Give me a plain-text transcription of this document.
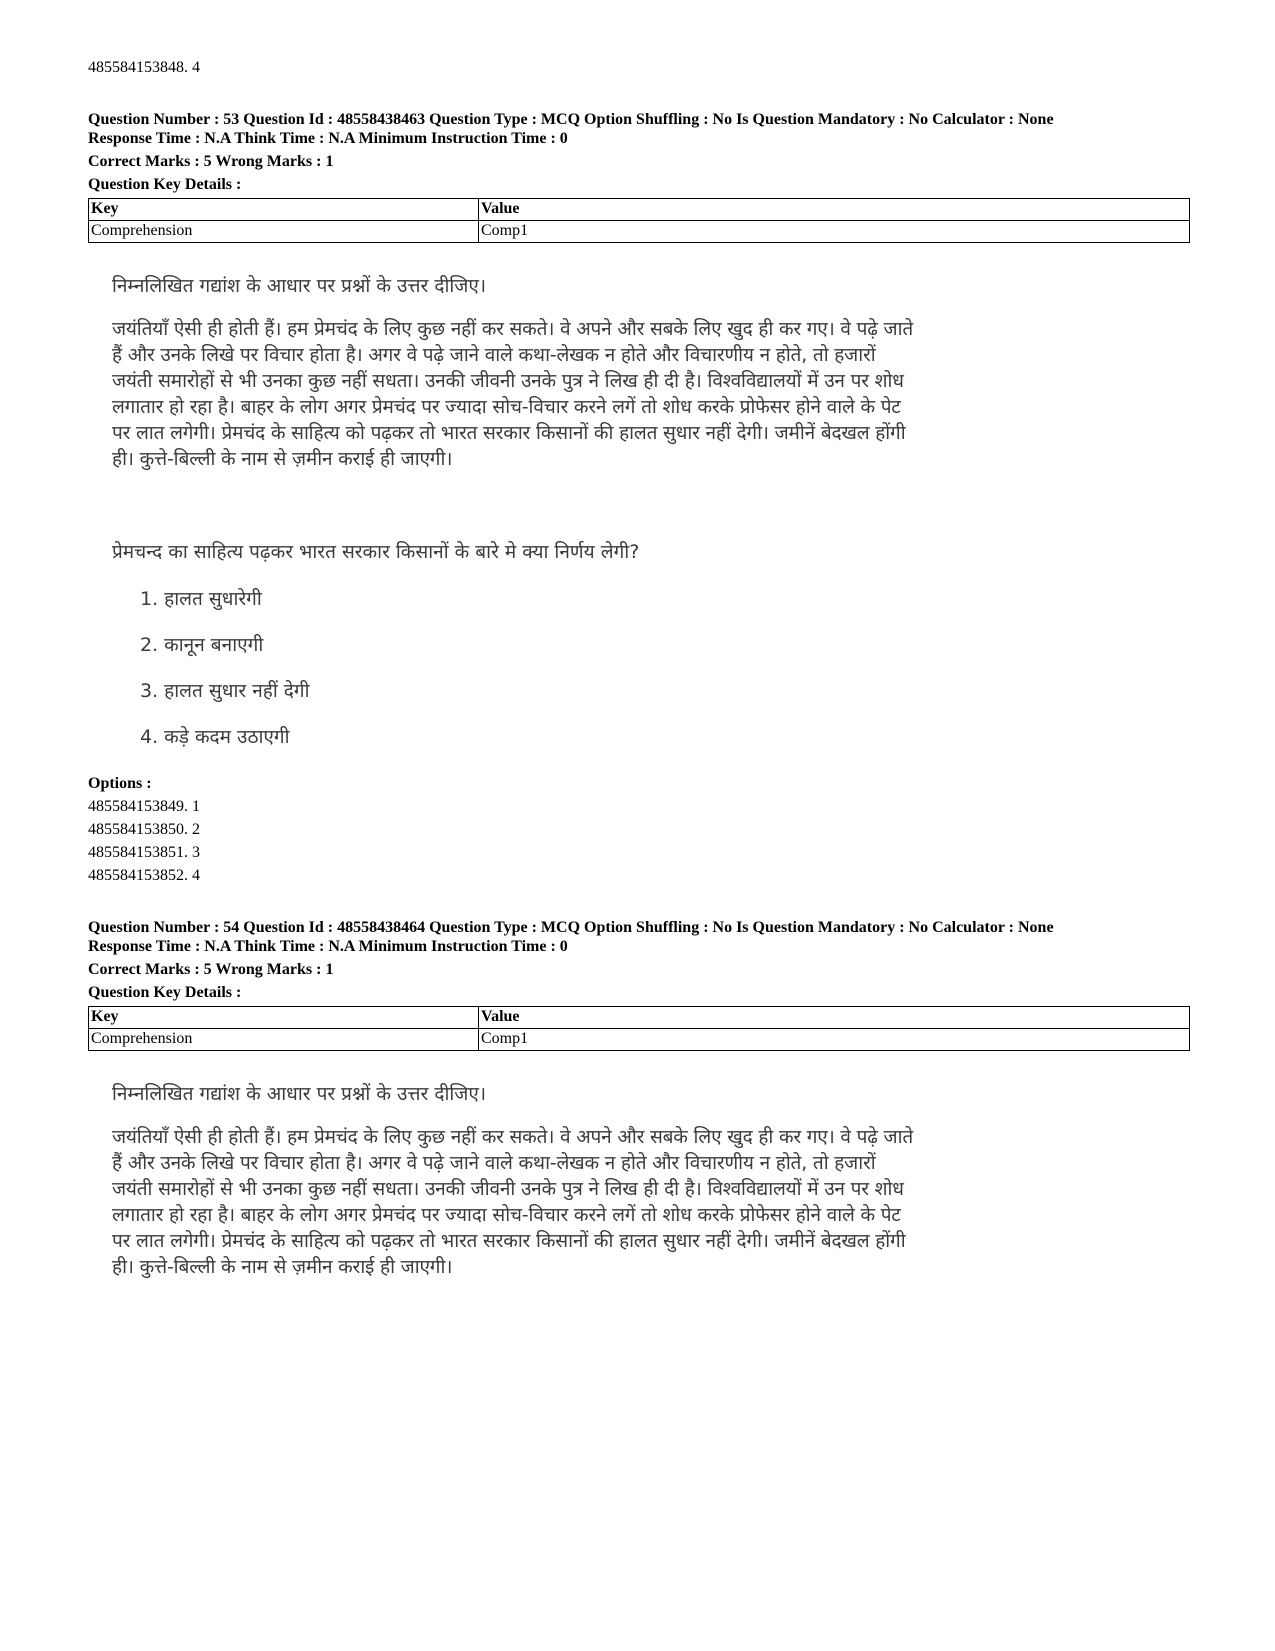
485584153848. 4
Question Number : 53 Question Id : 48558438463 Question Type : MCQ Option Shuffling : No Is Question Mandatory : No Calculator : None
Response Time : N.A Think Time : N.A Minimum Instruction Time : 0
Correct Marks : 5 Wrong Marks : 1
Question Key Details :
Key	Value
Comprehension	Comp1
निम्नलिखित गद्यांश के आधार पर प्रश्नों के उत्तर दीजिए।
जयंतियाँ ऐसी ही होती हैं। हम प्रेमचंद के लिए कुछ नहीं कर सकते। वे अपने और सबके लिए खुद ही कर गए। वे पढ़े जाते
हैं और उनके लिखे पर विचार होता है। अगर वे पढ़े जाने वाले कथा-लेखक न होते और विचारणीय न होते, तो हजारों
जयंती समारोहों से भी उनका कुछ नहीं सधता। उनकी जीवनी उनके पुत्र ने लिख ही दी है। विश्वविद्यालयों में उन पर शोध
लगातार हो रहा है। बाहर के लोग अगर प्रेमचंद पर ज्यादा सोच-विचार करने लगें तो शोध करके प्रोफेसर होने वाले के पेट
पर लात लगेगी। प्रेमचंद के साहित्य को पढ़कर तो भारत सरकार किसानों की हालत सुधार नहीं देगी। जमीनें बेदखल होंगी
ही। कुत्ते-बिल्ली के नाम से ज़मीन कराई ही जाएगी।
प्रेमचन्द का साहित्य पढ़कर भारत सरकार किसानों के बारे मे क्या निर्णय लेगी?
1. हालत सुधारेगी
2. कानून बनाएगी
3. हालत सुधार नहीं देगी
4. कड़े कदम उठाएगी
Options :
485584153849. 1
485584153850. 2
485584153851. 3
485584153852. 4
Question Number : 54 Question Id : 48558438464 Question Type : MCQ Option Shuffling : No Is Question Mandatory : No Calculator : None
Response Time : N.A Think Time : N.A Minimum Instruction Time : 0
Correct Marks : 5 Wrong Marks : 1
Question Key Details :
Key	Value
Comprehension	Comp1
निम्नलिखित गद्यांश के आधार पर प्रश्नों के उत्तर दीजिए।
जयंतियाँ ऐसी ही होती हैं। हम प्रेमचंद के लिए कुछ नहीं कर सकते। वे अपने और सबके लिए खुद ही कर गए। वे पढ़े जाते
हैं और उनके लिखे पर विचार होता है। अगर वे पढ़े जाने वाले कथा-लेखक न होते और विचारणीय न होते, तो हजारों
जयंती समारोहों से भी उनका कुछ नहीं सधता। उनकी जीवनी उनके पुत्र ने लिख ही दी है। विश्वविद्यालयों में उन पर शोध
लगातार हो रहा है। बाहर के लोग अगर प्रेमचंद पर ज्यादा सोच-विचार करने लगें तो शोध करके प्रोफेसर होने वाले के पेट
पर लात लगेगी। प्रेमचंद के साहित्य को पढ़कर तो भारत सरकार किसानों की हालत सुधार नहीं देगी। जमीनें बेदखल होंगी
ही। कुत्ते-बिल्ली के नाम से ज़मीन कराई ही जाएगी।
